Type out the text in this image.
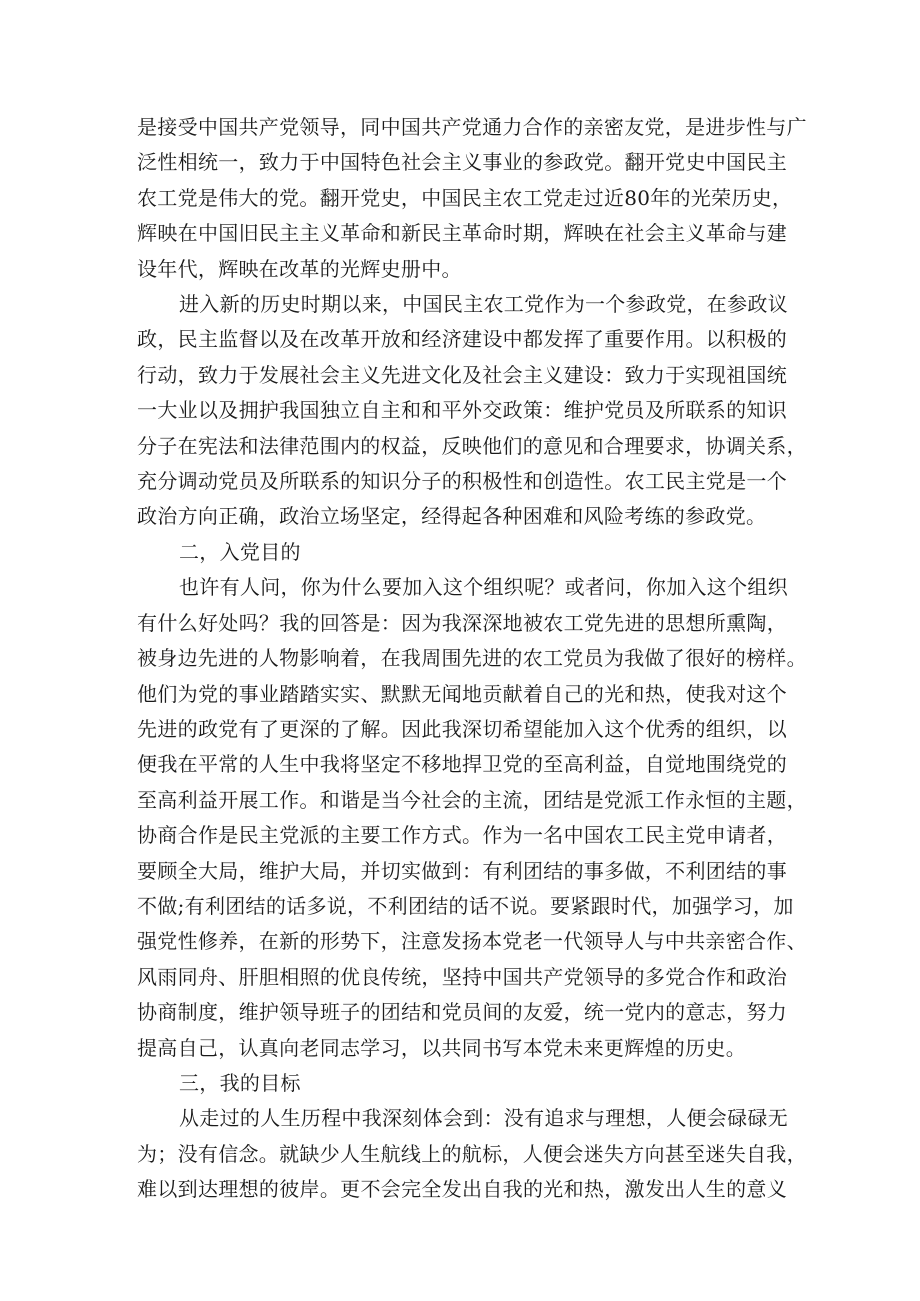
是接受中国共产党领导，同中国共产党通力合作的亲密友党，是进步性与广
泛性相统一，致力于中国特色社会主义事业的参政党。翻开党史中国民主
农工党是伟大的党。翻开党史，中国民主农工党走过近80年的光荣历史，
辉映在中国旧民主主义革命和新民主革命时期，辉映在社会主义革命与建
设年代，辉映在改革的光辉史册中。
进入新的历史时期以来，中国民主农工党作为一个参政党，在参政议
政，民主监督以及在改革开放和经济建设中都发挥了重要作用。以积极的
行动，致力于发展社会主义先进文化及社会主义建设：致力于实现祖国统
一大业以及拥护我国独立自主和和平外交政策：维护党员及所联系的知识
分子在宪法和法律范围内的权益，反映他们的意见和合理要求，协调关系，
充分调动党员及所联系的知识分子的积极性和创造性。农工民主党是一个
政治方向正确，政治立场坚定，经得起各种困难和风险考练的参政党。
二，入党目的
也许有人问，你为什么要加入这个组织呢？或者问，你加入这个组织
有什么好处吗？我的回答是：因为我深深地被农工党先进的思想所熏陶，
被身边先进的人物影响着，在我周围先进的农工党员为我做了很好的榜样。
他们为党的事业踏踏实实、默默无闻地贡献着自己的光和热，使我对这个
先进的政党有了更深的了解。因此我深切希望能加入这个优秀的组织，以
便我在平常的人生中我将坚定不移地捍卫党的至高利益，自觉地围绕党的
至高利益开展工作。和谐是当今社会的主流，团结是党派工作永恒的主题，
协商合作是民主党派的主要工作方式。作为一名中国农工民主党申请者，
要顾全大局，维护大局，并切实做到：有利团结的事多做，不利团结的事
不做;有利团结的话多说，不利团结的话不说。要紧跟时代，加强学习，加
强党性修养，在新的形势下，注意发扬本党老一代领导人与中共亲密合作、
风雨同舟、肝胆相照的优良传统，坚持中国共产党领导的多党合作和政治
协商制度，维护领导班子的团结和党员间的友爱，统一党内的意志，努力
提高自己，认真向老同志学习，以共同书写本党未来更辉煌的历史。
三，我的目标
从走过的人生历程中我深刻体会到：没有追求与理想，人便会碌碌无
为；没有信念。就缺少人生航线上的航标，人便会迷失方向甚至迷失自我，
难以到达理想的彼岸。更不会完全发出自我的光和热，激发出人生的意义
